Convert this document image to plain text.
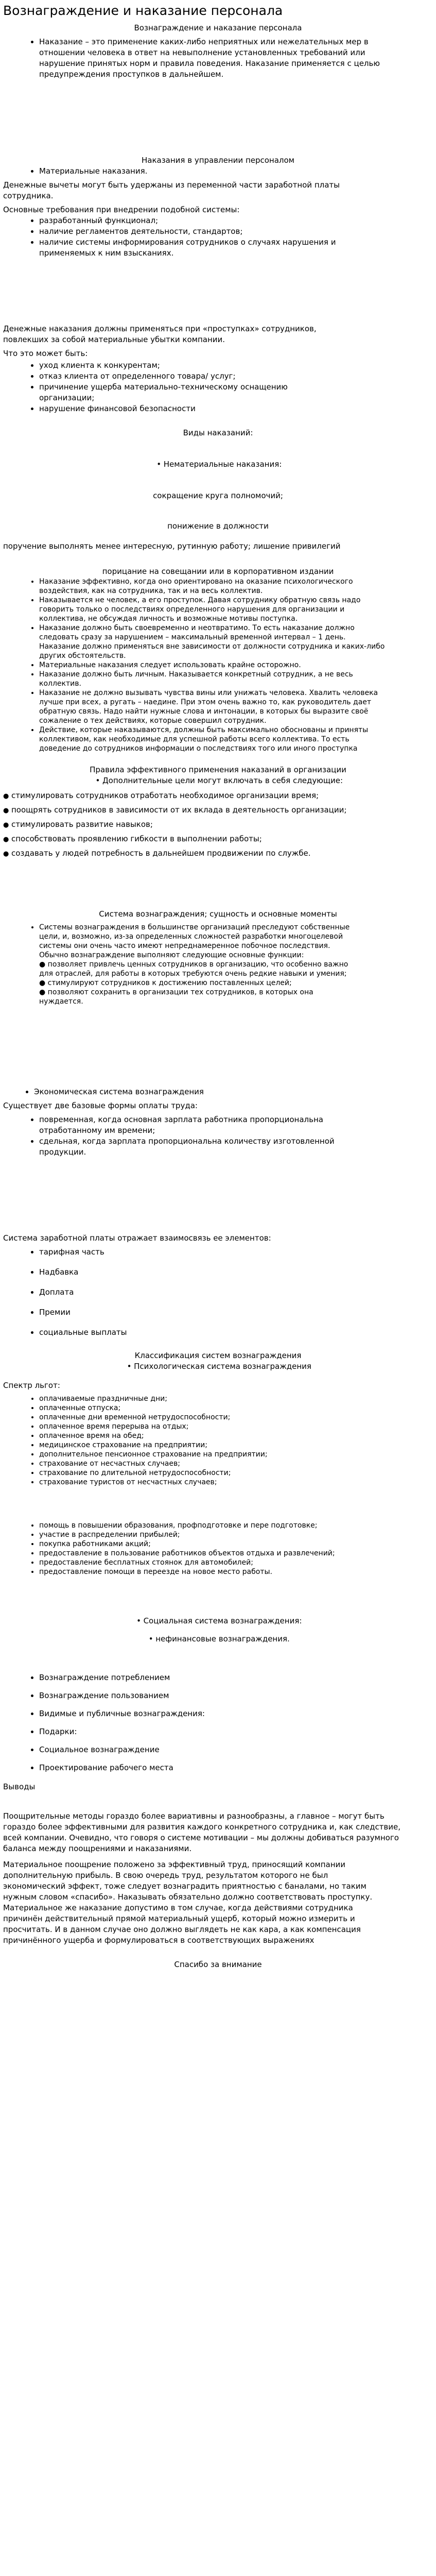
Вознаграждение и наказание персонала
Вознаграждение и наказание персонала
• Наказание – это применение каких-либо неприятных или нежелательных мер в отношении человека в ответ на невыполнение установленных требований или нарушение принятых норм и правила поведения. Наказание применяется с целью предупреждения проступков в дальнейшем.
Наказания в управлении персоналом
• Материальные наказания.

Денежные вычеты могут быть удержаны из переменной части заработной платы сотрудника.

Основные требования при внедрении подобной системы:

• разработанный функционал;
• наличие регламентов деятельности, стандартов;
• наличие системы информирования сотрудников о случаях нарушения и применяемых к ним взысканиях.

Денежные наказания должны применяться при «проступках» сотрудников, повлекших за собой материальные убытки компании.

Что это может быть:

• уход клиента к конкурентам;
• отказ клиента от определенного товара/ услуг;
• причинение ущерба материально-техническому оснащению организации;
• нарушение финансовой безопасности
Виды наказаний:
• Нематериальные наказания:
сокращение круга полномочий;
понижение в должности
поручение выполнять менее интересную, рутинную работу; лишение привилегий
порицание на совещании или в корпоративном издании
• Наказание эффективно, когда оно ориентировано на оказание психологического воздействия, как на сотрудника, так и на весь коллектив.
• Наказывается не человек, а его проступок. Давая сотруднику обратную связь надо говорить только о последствиях определенного нарушения для организации и коллектива, не обсуждая личность и возможные мотивы поступка.
• Наказание должно быть своевременно и неотвратимо. То есть наказание должно следовать сразу за нарушением – максимальный временной интервал – 1 день. Наказание должно применяться вне зависимости от должности сотрудника и каких-либо других обстоятельств.
• Материальные наказания следует использовать крайне осторожно.
• Наказание должно быть личным. Наказывается конкретный сотрудник, а не весь коллектив.
• Наказание не должно вызывать чувства вины или унижать человека. Хвалить человека лучше при всех, а ругать – наедине. При этом очень важно то, как руководитель дает обратную связь. Надо найти нужные слова и интонации, в которых бы выразите своё сожаление о тех действиях, которые совершил сотрудник.
• Действие, которые наказываются, должны быть максимально обоснованы и приняты коллективом, как необходимые для успешной работы всего коллектива. То есть доведение до сотрудников информации о последствиях того или иного проступка
Правила эффективного применения наказаний в организации
• Дополнительные цели могут включать в себя следующие:
● стимулировать сотрудников отработать необходимое организации время;
● поощрять сотрудников в зависимости от их вклада в деятельность организации;
● стимулировать развитие навыков;
● способствовать проявлению гибкости в выполнении работы;
● создавать у людей потребность в дальнейшем продвижении по службе.
Система вознаграждения; сущность и основные моменты
• Системы вознаграждения в большинстве организаций преследуют собственные цели, и, возможно, из-за определенных сложностей разработки многоцелевой системы они очень часто имеют непреднамеренное побочное последствия. Обычно вознаграждение выполняют следующие основные функции:
● позволяет привлечь ценных сотрудников в организацию, что особенно важно для отраслей, для работы в которых требуются очень редкие навыки и умения;
● стимулируют сотрудников к достижению поставленных целей;
● позволяют сохранить в организации тех сотрудников, в которых она нуждается.
• Экономическая система вознаграждения

Существует две базовые формы оплаты труда:

• повременная, когда основная зарплата работника пропорциональна отработанному им времени;
• сдельная, когда зарплата пропорциональна количеству изготовленной продукции.

Система заработной платы отражает взаимосвязь ее элементов:

• тарифная часть
• Надбавка
• Доплата
• Премии
• социальные выплаты
Классификация систем вознаграждения
• Психологическая система вознаграждения

Спектр льгот:

• оплачиваемые праздничные дни;
• оплаченные отпуска;
• оплаченные дни временной нетрудоспособности;
• оплаченное время перерыва на отдых;
• оплаченное время на обед;
• медицинское страхование на предприятии;
• дополнительное пенсионное страхование на предприятии;
• страхование от несчастных случаев;
• страхование по длительной нетрудоспособности;
• страхование туристов от несчастных случаев;
• помощь в повышении образования, профподготовке и пере подготовке;
• участие в распределении прибылей;
• покупка работниками акций;
• предоставление в пользование работников объектов отдыха и развлечений;
• предоставление бесплатных стоянок для автомобилей;
• предоставление помощи в переезде на новое место работы.
• Социальная система вознаграждения:
• нефинансовые вознаграждения.
• Вознаграждение потреблением
• Вознаграждение пользованием
• Видимые и публичные вознаграждения:
• Подарки:
• Социальное вознаграждение
• Проектирование рабочего места

Выводы

Поощрительные методы гораздо более вариативны и разнообразны, а главное – могут быть гораздо более эффективными для развития каждого конкретного сотрудника и, как следствие, всей компании. Очевидно, что говоря о системе мотивации – мы должны добиваться разумного баланса между поощрениями и наказаниями.

Материальное поощрение положено за эффективный труд, приносящий компании дополнительную прибыль. В свою очередь труд, результатом которого не был экономический эффект, тоже следует вознаградить приятностью с баналами, но таким нужным словом «спасибо». Наказывать обязательно должно соответствовать проступку. Материальное же наказание допустимо в том случае, когда действиями сотрудника причинён действительный прямой материальный ущерб, который можно измерить и просчитать. И в данном случае оно должно выглядеть не как кара, а как компенсация причинённого ущерба и формулироваться в соответствующих выражениях

Спасибо за внимание
